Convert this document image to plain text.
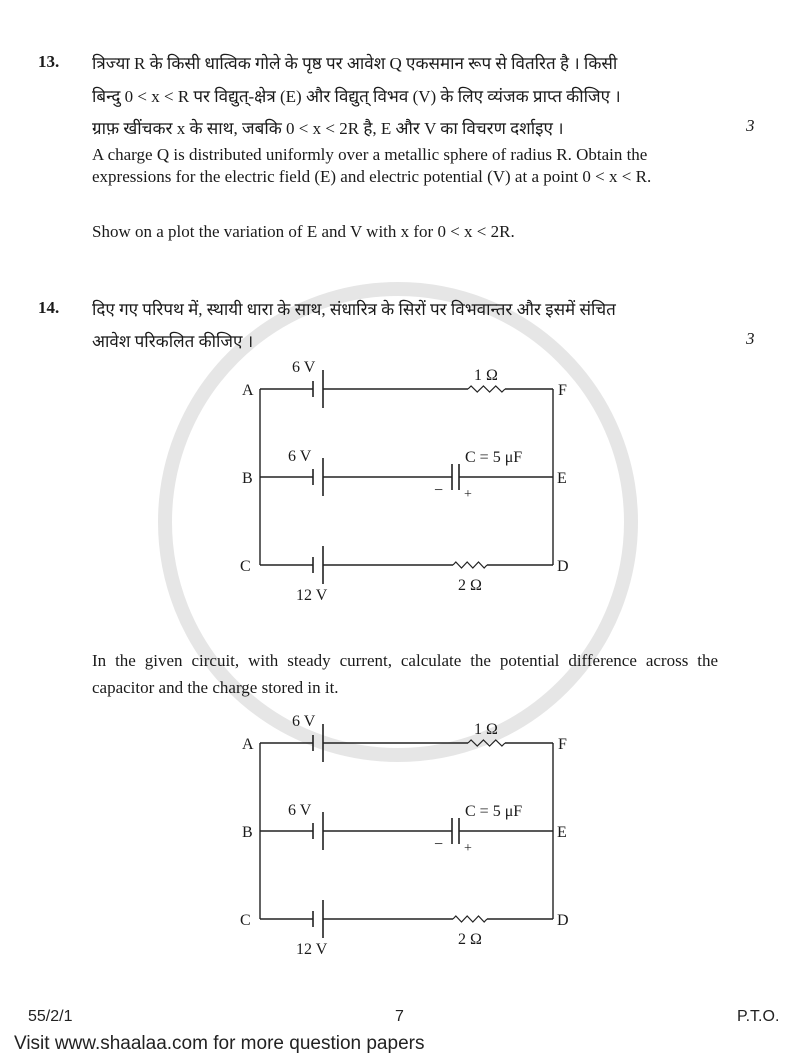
13. त्रिज्या R के किसी धात्विक गोले के पृष्ठ पर आवेश Q एकसमान रूप से वितरित है । किसी
बिन्दु 0 < x < R पर विद्युत्-क्षेत्र (E) और विद्युत् विभव (V) के लिए व्यंजक प्राप्त कीजिए ।
ग्राफ़ खींचकर x के साथ, जबकि 0 < x < 2R है, E और V का विचरण दर्शाइए ।	3
A charge Q is distributed uniformly over a metallic sphere of radius R. Obtain the expressions for the electric field (E) and electric potential (V) at a point 0 < x < R.
Show on a plot the variation of E and V with x for 0 < x < 2R.
14. दिए गए परिपथ में, स्थायी धारा के साथ, संधारित्र के सिरों पर विभवान्तर और इसमें संचित
आवेश परिकलित कीजिए ।	3
A
B
C
F
E
D
6 V
6 V
12 V
1 Ω
2 Ω
C = 5 μF
− +
In the given circuit, with steady current, calculate the potential difference across the capacitor and the charge stored in it.
A
B
C
F
E
D
6 V
6 V
12 V
1 Ω
2 Ω
C = 5 μF
− +
55/2/1	7	P.T.O.
Visit www.shaalaa.com for more question papers
